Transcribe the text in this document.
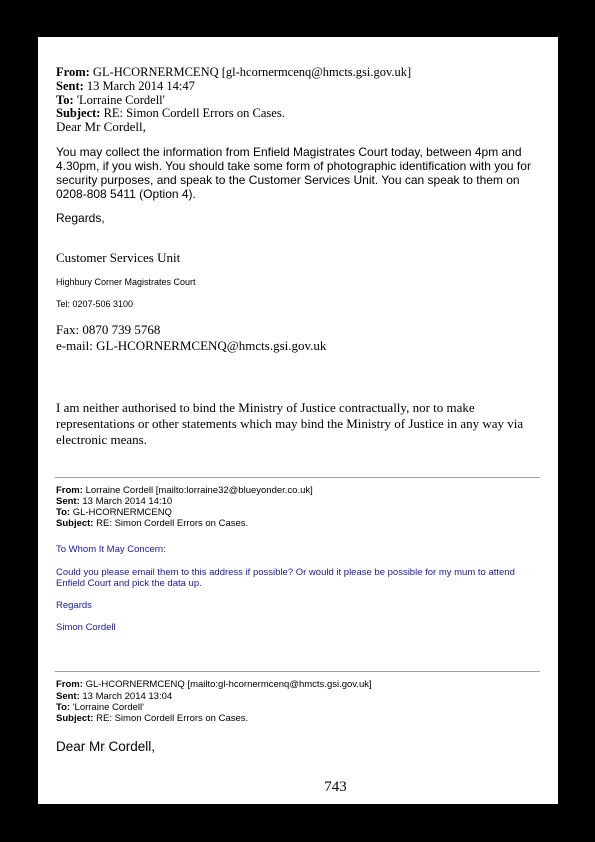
From: GL-HCORNERMCENQ [gl-hcornermcenq@hmcts.gsi.gov.uk]
Sent: 13 March 2014 14:47
To: 'Lorraine Cordell'
Subject: RE: Simon Cordell Errors on Cases.
Dear Mr Cordell,
You may collect the information from Enfield Magistrates Court today, between 4pm and
4.30pm, if you wish. You should take some form of photographic identification with you for
security purposes, and speak to the Customer Services Unit. You can speak to them on
0208-808 5411 (Option 4).
Regards,
Customer Services Unit
Highbury Corner Magistrates Court
Tel: 0207-506 3100
Fax: 0870 739 5768
e-mail: GL-HCORNERMCENQ@hmcts.gsi.gov.uk
I am neither authorised to bind the Ministry of Justice contractually, nor to make
representations or other statements which may bind the Ministry of Justice in any way via
electronic means.
From: Lorraine Cordell [mailto:lorraine32@blueyonder.co.uk]
Sent: 13 March 2014 14:10
To: GL-HCORNERMCENQ
Subject: RE: Simon Cordell Errors on Cases.
To Whom It May Concern:
Could you please email them to this address if possible? Or would it please be possible for my mum to attend
Enfield Court and pick the data up.
Regards
Simon Cordell
From: GL-HCORNERMCENQ [mailto:gl-hcornermcenq@hmcts.gsi.gov.uk]
Sent: 13 March 2014 13:04
To: 'Lorraine Cordell'
Subject: RE: Simon Cordell Errors on Cases.
Dear Mr Cordell,
743
